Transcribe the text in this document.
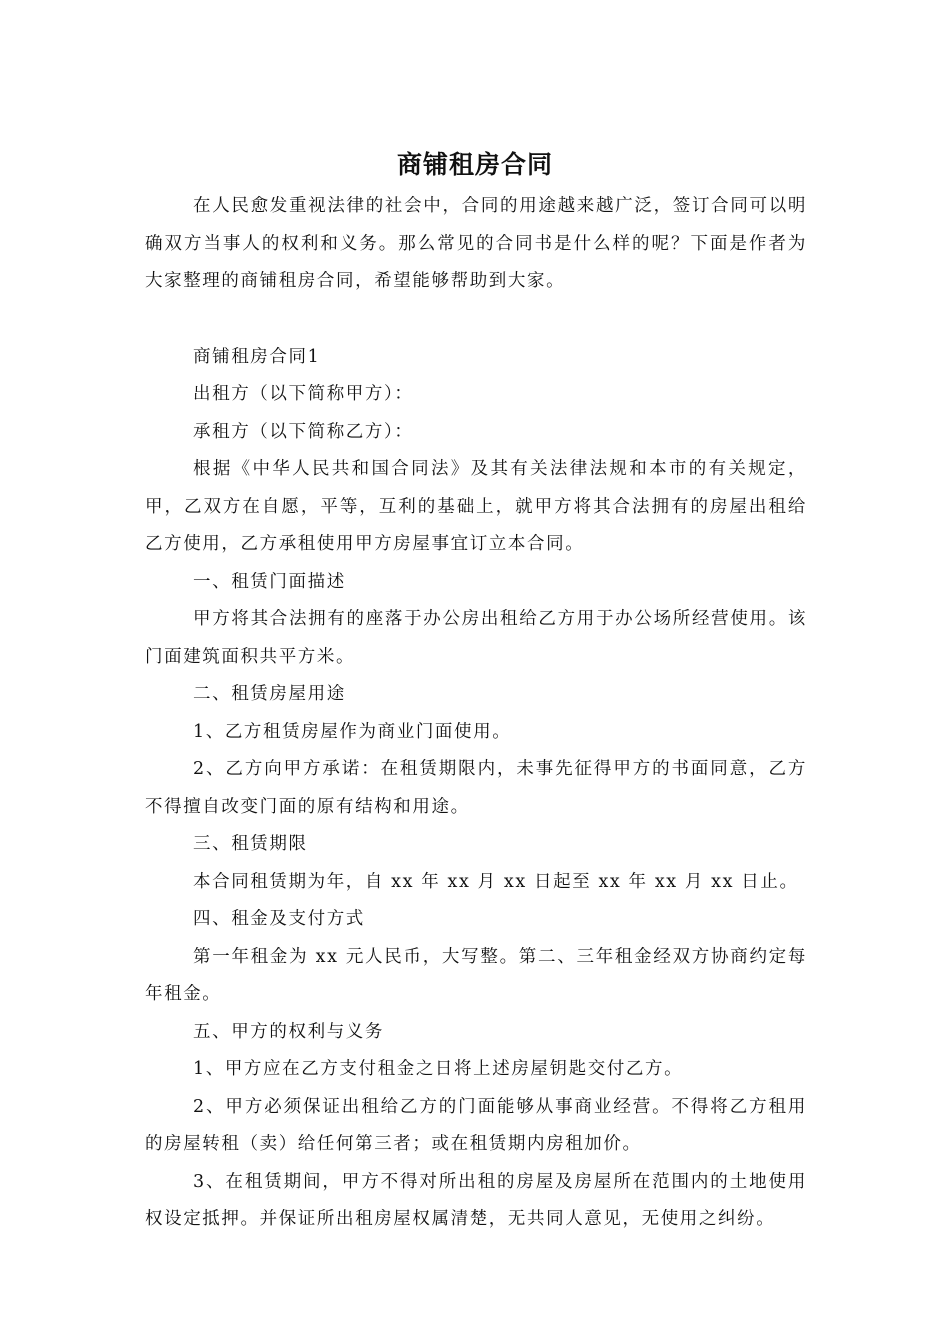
商铺租房合同

在人民愈发重视法律的社会中，合同的用途越来越广泛，签订合同可以明确双方当事人的权利和义务。那么常见的合同书是什么样的呢？下面是作者为大家整理的商铺租房合同，希望能够帮助到大家。

商铺租房合同1

出租方（以下简称甲方）：

承租方（以下简称乙方）：

根据《中华人民共和国合同法》及其有关法律法规和本市的有关规定，甲，乙双方在自愿，平等，互利的基础上，就甲方将其合法拥有的房屋出租给乙方使用，乙方承租使用甲方房屋事宜订立本合同。

一、租赁门面描述

甲方将其合法拥有的座落于办公房出租给乙方用于办公场所经营使用。该门面建筑面积共平方米。

二、租赁房屋用途

1、乙方租赁房屋作为商业门面使用。

2、乙方向甲方承诺：在租赁期限内，未事先征得甲方的书面同意，乙方不得擅自改变门面的原有结构和用途。

三、租赁期限

本合同租赁期为年，自 xx 年 xx 月 xx 日起至 xx 年 xx 月 xx 日止。

四、租金及支付方式

第一年租金为 xx 元人民币，大写整。第二、三年租金经双方协商约定每年租金。

五、甲方的权利与义务

1、甲方应在乙方支付租金之日将上述房屋钥匙交付乙方。

2、甲方必须保证出租给乙方的门面能够从事商业经营。不得将乙方租用的房屋转租（卖）给任何第三者；或在租赁期内房租加价。

3、在租赁期间，甲方不得对所出租的房屋及房屋所在范围内的土地使用权设定抵押。并保证所出租房屋权属清楚，无共同人意见，无使用之纠纷。
